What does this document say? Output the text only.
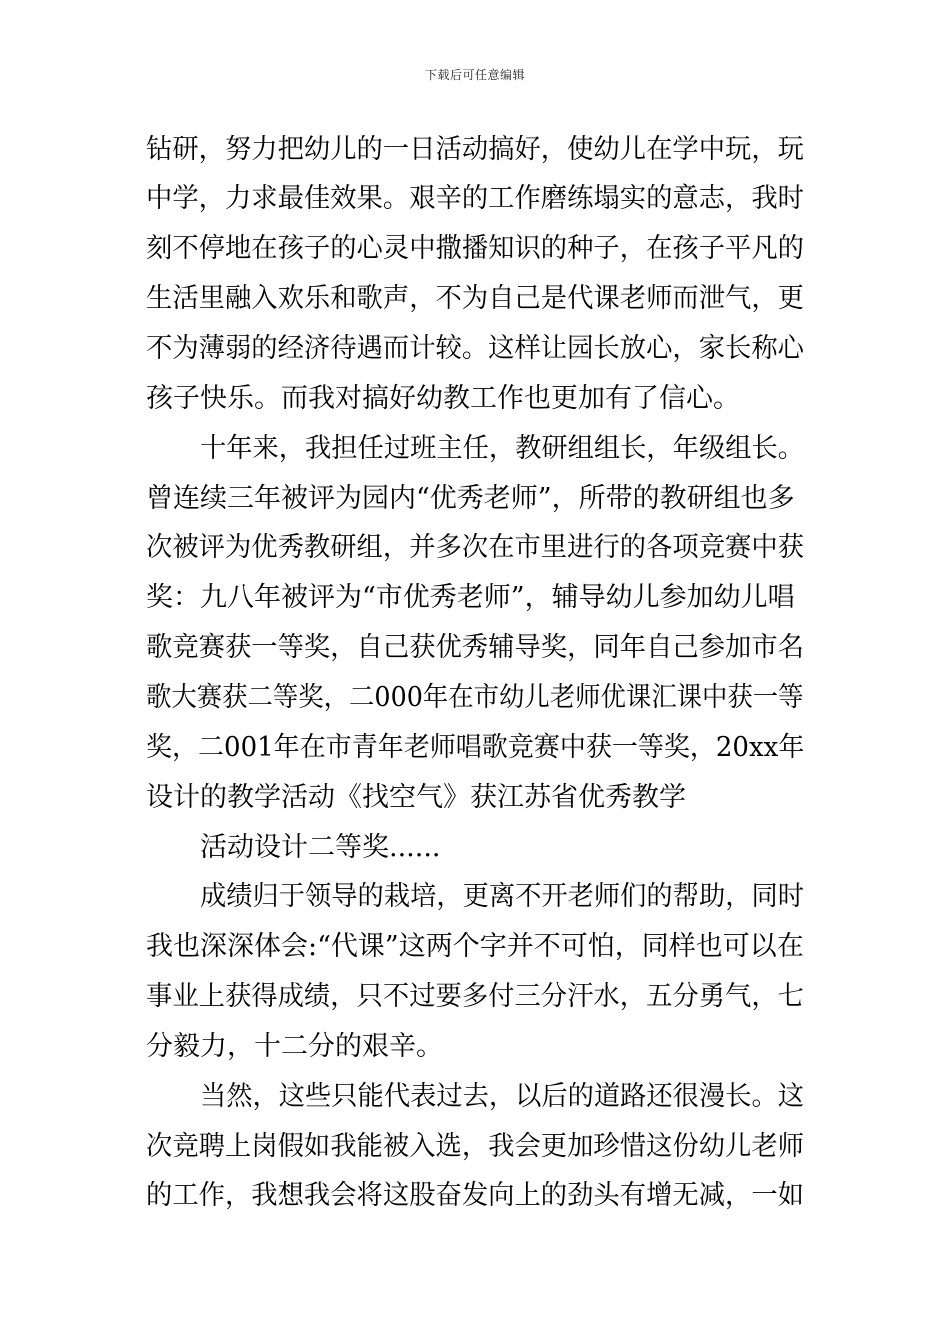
下载后可任意编辑
钻研，努力把幼儿的一日活动搞好，使幼儿在学中玩，玩
中学，力求最佳效果。艰辛的工作磨练塌实的意志，我时
刻不停地在孩子的心灵中撒播知识的种子，在孩子平凡的
生活里融入欢乐和歌声，不为自己是代课老师而泄气，更
不为薄弱的经济待遇而计较。这样让园长放心，家长称心
孩子快乐。而我对搞好幼教工作也更加有了信心。
十年来，我担任过班主任，教研组组长，年级组长。
曾连续三年被评为园内“优秀老师”，所带的教研组也多
次被评为优秀教研组，并多次在市里进行的各项竞赛中获
奖：九八年被评为“市优秀老师”，辅导幼儿参加幼儿唱
歌竞赛获一等奖，自己获优秀辅导奖，同年自己参加市名
歌大赛获二等奖，二000年在市幼儿老师优课汇课中获一等
奖，二001年在市青年老师唱歌竞赛中获一等奖，20xx年
设计的教学活动《找空气》获江苏省优秀教学
活动设计二等奖......
成绩归于领导的栽培，更离不开老师们的帮助，同时
我也深深体会:“代课”这两个字并不可怕，同样也可以在
事业上获得成绩，只不过要多付三分汗水，五分勇气，七
分毅力，十二分的艰辛。
当然，这些只能代表过去，以后的道路还很漫长。这
次竞聘上岗假如我能被入选，我会更加珍惜这份幼儿老师
的工作，我想我会将这股奋发向上的劲头有增无减，一如
